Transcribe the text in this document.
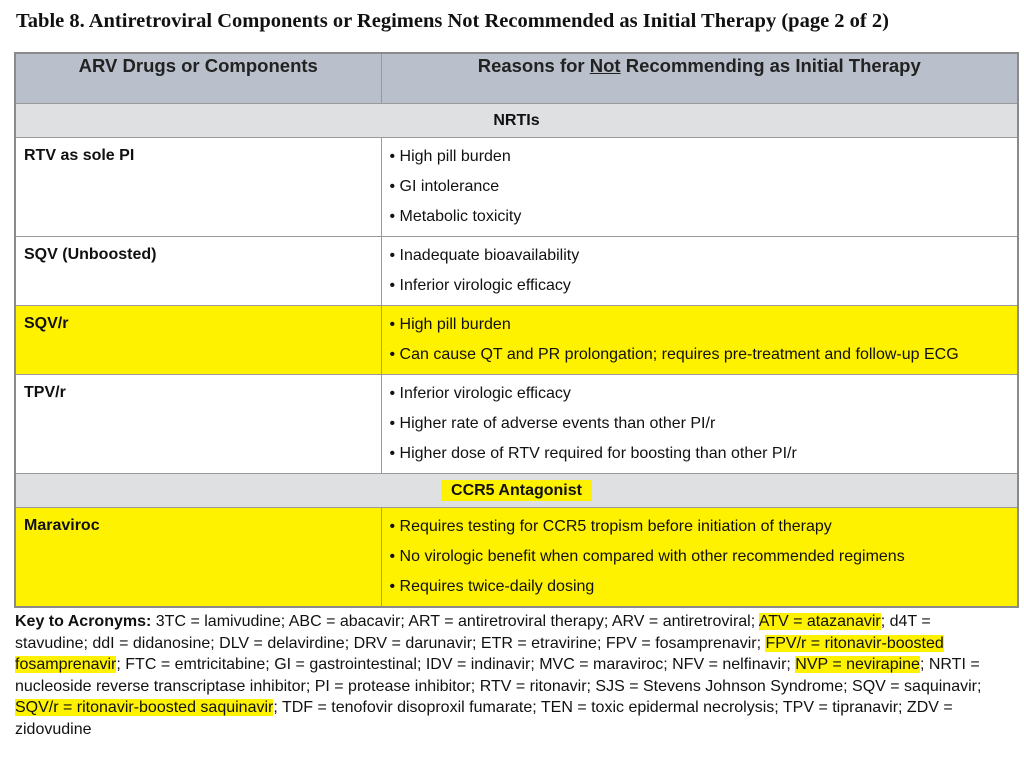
Table 8. Antiretroviral Components or Regimens Not Recommended as Initial Therapy (page 2 of 2)
ARV Drugs or Components	Reasons for Not Recommending as Initial Therapy
NRTIs	
RTV as sole PI	• High pill burden
• GI intolerance
• Metabolic toxicity

SQV (Unboosted)	• Inadequate bioavailability
• Inferior virologic efficacy

SQV/r	• High pill burden
• Can cause QT and PR prolongation; requires pre-treatment and follow-up ECG

TPV/r	• Inferior virologic efficacy
• Higher rate of adverse events than other PI/r
• Higher dose of RTV required for boosting than other PI/r

CCR5 Antagonist	
Maraviroc	• Requires testing for CCR5 tropism before initiation of therapy
• No virologic benefit when compared with other recommended regimens
• Requires twice-daily dosing
Key to Acronyms: 3TC = lamivudine; ABC = abacavir; ART = antiretroviral therapy; ARV = antiretroviral; ATV = atazanavir; d4T = stavudine; ddI = didanosine; DLV = delavirdine; DRV = darunavir; ETR = etravirine; FPV = fosamprenavir; FPV/r = ritonavir-boosted fosamprenavir; FTC = emtricitabine; GI = gastrointestinal; IDV = indinavir; MVC = maraviroc; NFV = nelfinavir; NVP = nevirapine; NRTI = nucleoside reverse transcriptase inhibitor; PI = protease inhibitor; RTV = ritonavir; SJS = Stevens Johnson Syndrome; SQV = saquinavir; SQV/r = ritonavir-boosted saquinavir; TDF = tenofovir disoproxil fumarate; TEN = toxic epidermal necrolysis; TPV = tipranavir; ZDV = zidovudine
